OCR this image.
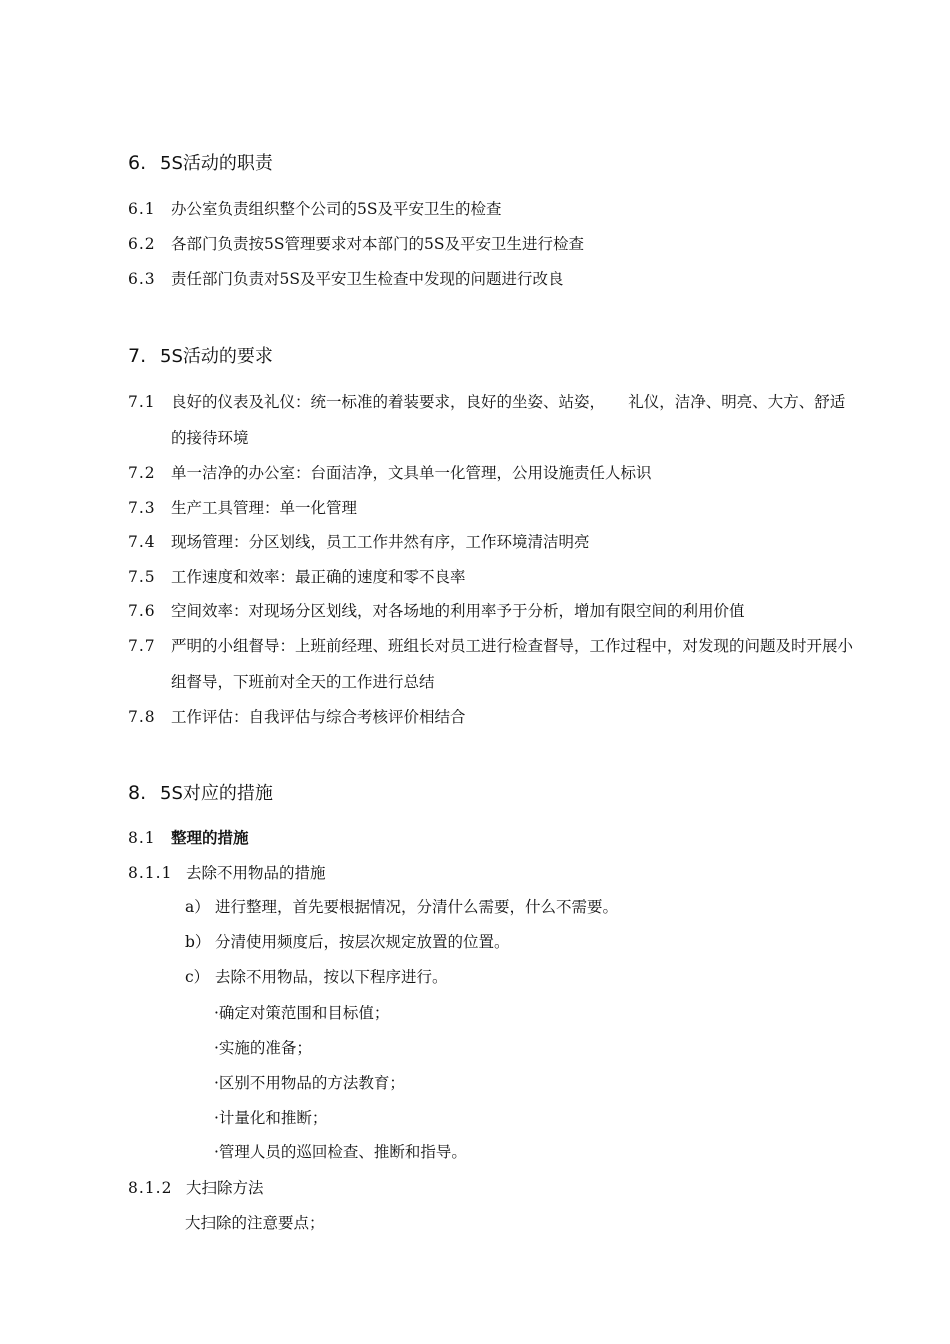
6. 5S活动的职责
6.1 办公室负责组织整个公司的5S及平安卫生的检查
6.2 各部门负责按5S管理要求对本部门的5S及平安卫生进行检查
6.3 责任部门负责对5S及平安卫生检查中发现的问题进行改良
7. 5S活动的要求
7.1 良好的仪表及礼仪：统一标准的着装要求，良好的坐姿、站姿，　　礼仪，洁净、明亮、大方、舒适
的接待环境
7.2 单一洁净的办公室：台面洁净，文具单一化管理，公用设施责任人标识
7.3 生产工具管理：单一化管理
7.4 现场管理：分区划线，员工工作井然有序，工作环境清洁明亮
7.5 工作速度和效率：最正确的速度和零不良率
7.6 空间效率：对现场分区划线，对各场地的利用率予于分析，增加有限空间的利用价值
7.7 严明的小组督导：上班前经理、班组长对员工进行检查督导，工作过程中，对发现的问题及时开展小
组督导，下班前对全天的工作进行总结
7.8 工作评估：自我评估与综合考核评价相结合
8. 5S对应的措施
8.1 整理的措施
8.1.1 去除不用物品的措施
a） 进行整理，首先要根据情况，分清什么需要，什么不需要。
b） 分清使用频度后，按层次规定放置的位置。
c） 去除不用物品，按以下程序进行。
·确定对策范围和目标值；
·实施的准备；
·区别不用物品的方法教育；
·计量化和推断；
·管理人员的巡回检查、推断和指导。
8.1.2 大扫除方法
大扫除的注意要点；
